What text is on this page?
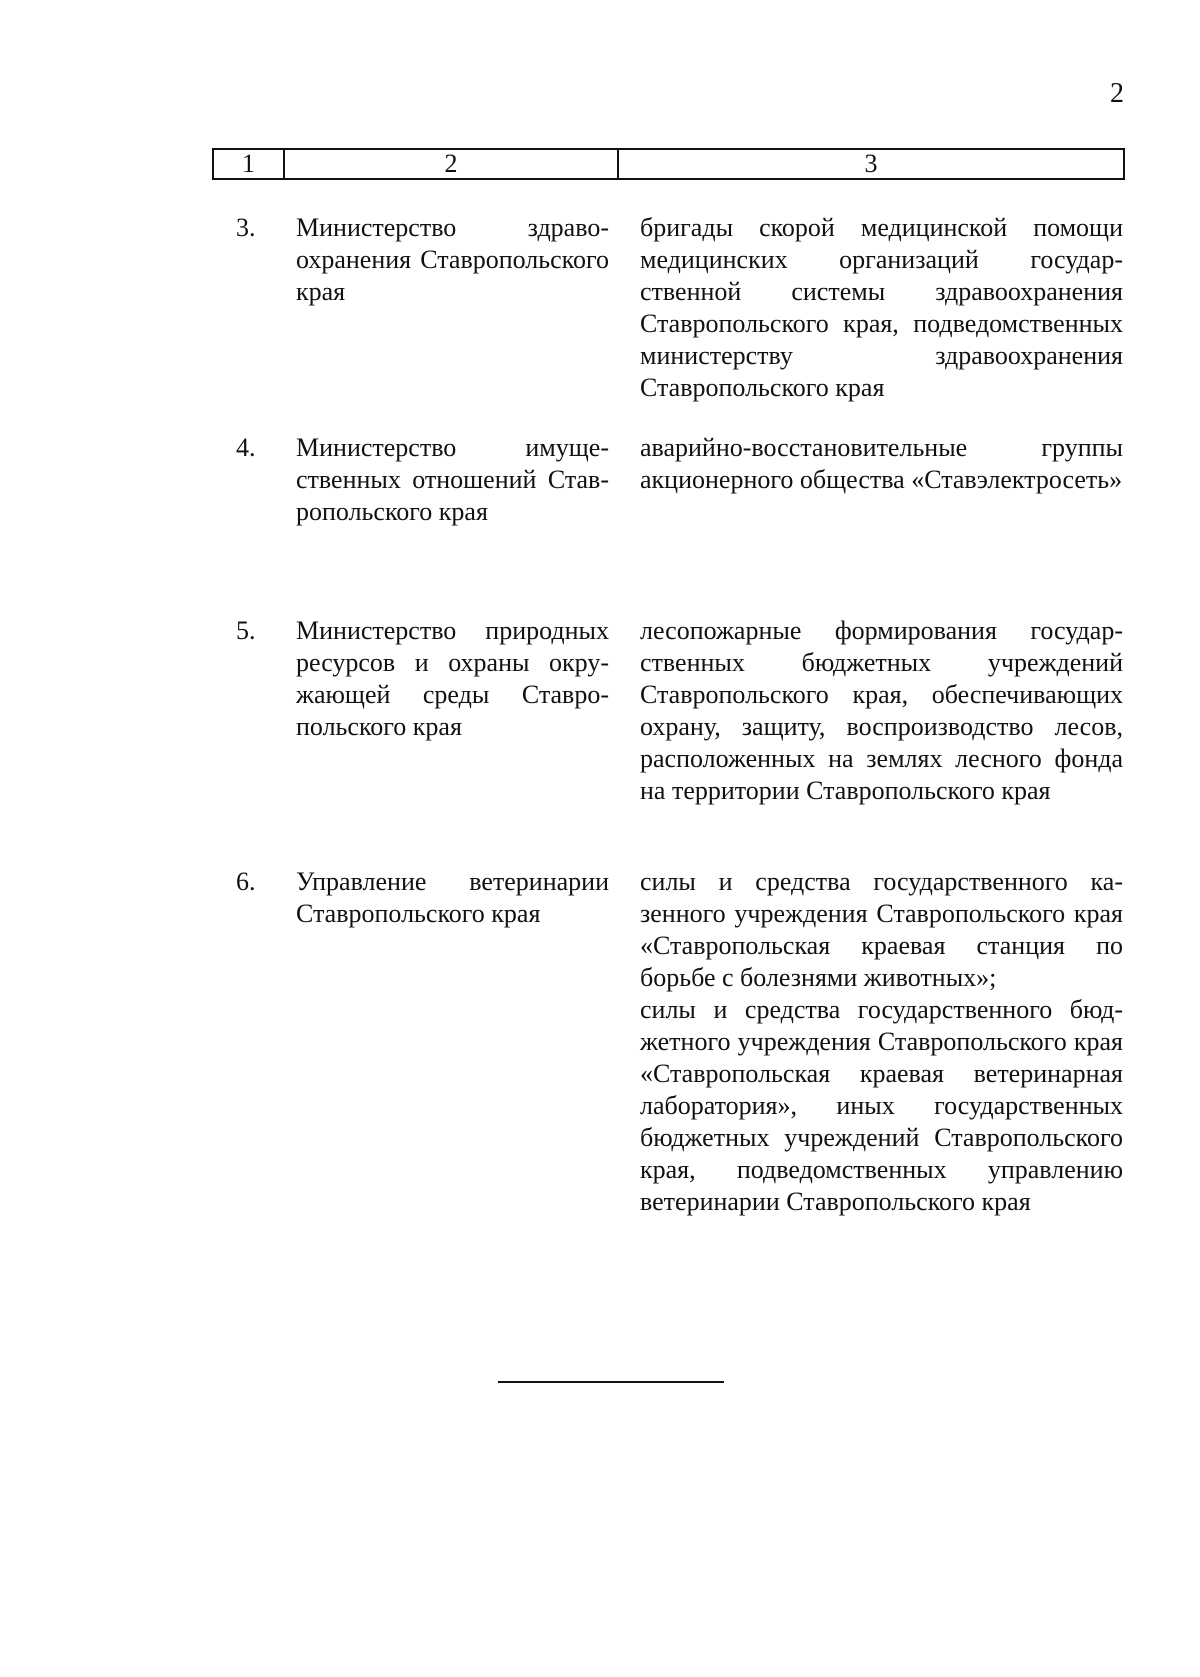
2
1	2	3
3. Министерство здравоохранения Ставропольского края

бригады скорой медицинской помощи медицинских организаций государственной системы здравоохранения Ставропольского края, подведомственных министерству здравоохранения Ставропольского края

4. Министерство имущественных отношений Ставропольского края

аварийно-восстановительные группы акционерного общества «Ставэлектросеть»

5. Министерство природных ресурсов и охраны окружающей среды Ставропольского края

лесопожарные формирования государственных бюджетных учреждений Ставропольского края, обеспечивающих охрану, защиту, воспроизводство лесов, расположенных на землях лесного фонда на территории Ставропольского края

6. Управление ветеринарии Ставропольского края

силы и средства государственного казенного учреждения Ставропольского края «Ставропольская краевая станция по борьбе с болезнями животных»;

силы и средства государственного бюджетного учреждения Ставропольского края «Ставропольская краевая ветеринарная лаборатория», иных государственных бюджетных учреждений Ставропольского края, подведомственных управлению ветеринарии Ставропольского края
